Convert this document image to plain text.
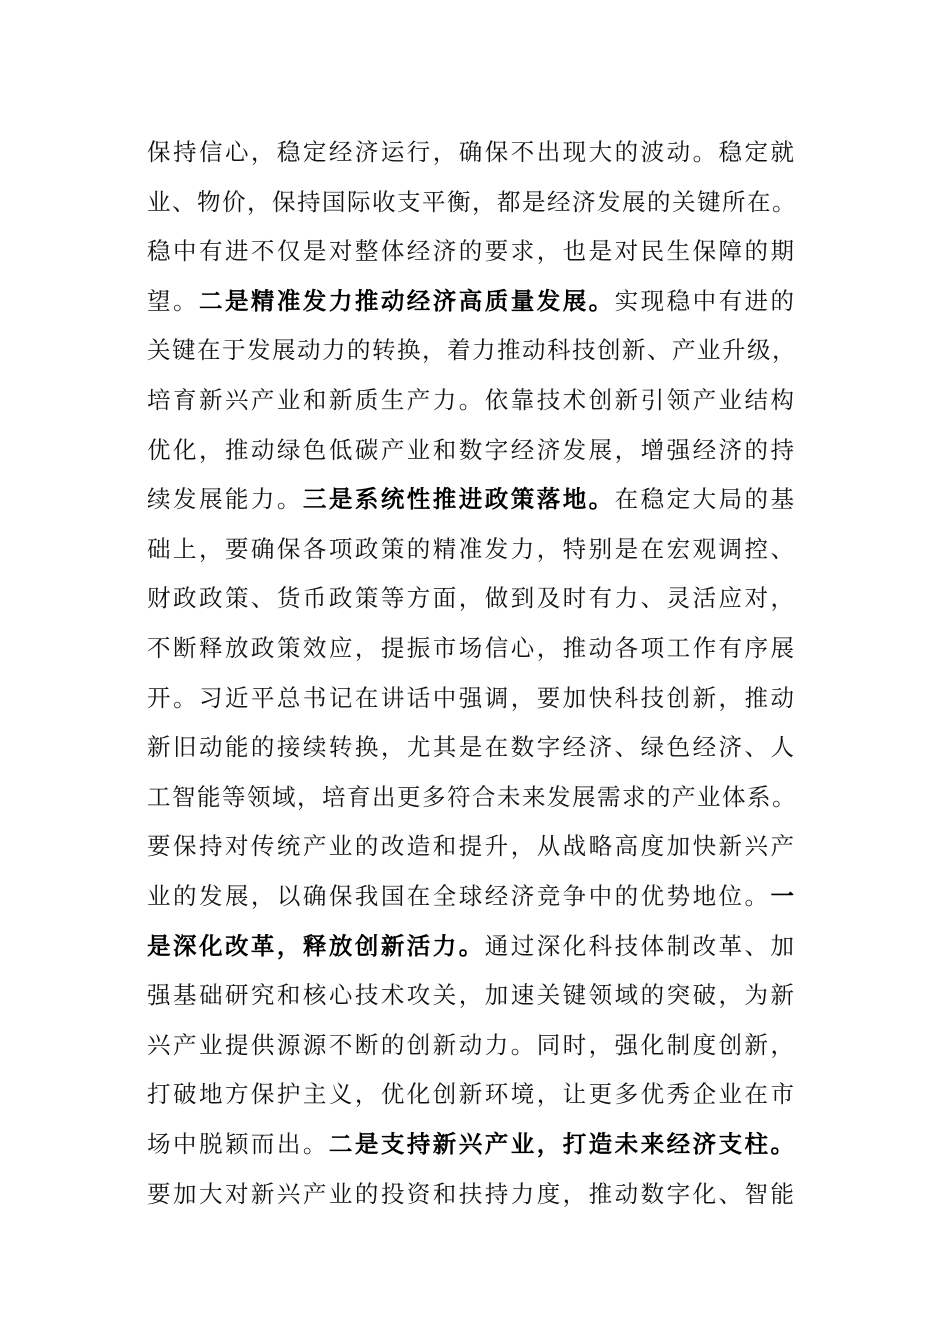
保持信心，稳定经济运行，确保不出现大的波动。稳定就
业、物价，保持国际收支平衡，都是经济发展的关键所在。
稳中有进不仅是对整体经济的要求，也是对民生保障的期
望。二是精准发力推动经济高质量发展。实现稳中有进的
关键在于发展动力的转换，着力推动科技创新、产业升级，
培育新兴产业和新质生产力。依靠技术创新引领产业结构
优化，推动绿色低碳产业和数字经济发展，增强经济的持
续发展能力。三是系统性推进政策落地。在稳定大局的基
础上，要确保各项政策的精准发力，特别是在宏观调控、
财政政策、货币政策等方面，做到及时有力、灵活应对，
不断释放政策效应，提振市场信心，推动各项工作有序展
开。习近平总书记在讲话中强调，要加快科技创新，推动
新旧动能的接续转换，尤其是在数字经济、绿色经济、人
工智能等领域，培育出更多符合未来发展需求的产业体系。
要保持对传统产业的改造和提升，从战略高度加快新兴产
业的发展，以确保我国在全球经济竞争中的优势地位。一
是深化改革，释放创新活力。通过深化科技体制改革、加
强基础研究和核心技术攻关，加速关键领域的突破，为新
兴产业提供源源不断的创新动力。同时，强化制度创新，
打破地方保护主义，优化创新环境，让更多优秀企业在市
场中脱颖而出。二是支持新兴产业，打造未来经济支柱。
要加大对新兴产业的投资和扶持力度，推动数字化、智能
